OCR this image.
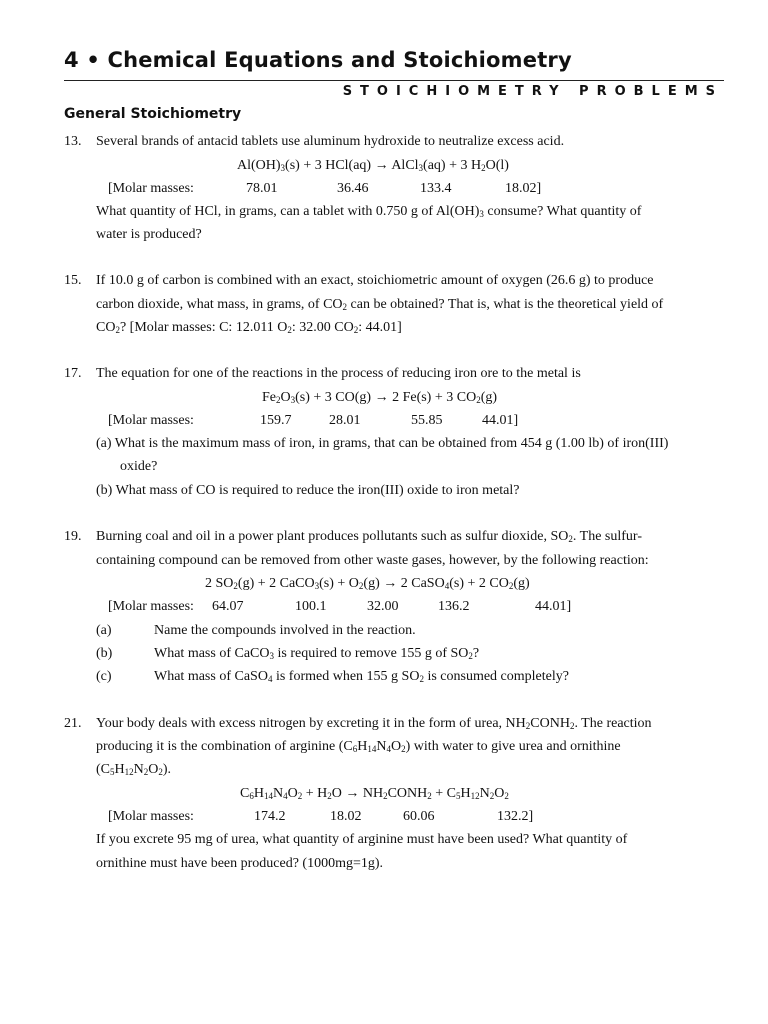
4 • Chemical Equations and Stoichiometry
STOICHIOMETRY PROBLEMS
General Stoichiometry
13. Several brands of antacid tablets use aluminum hydroxide to neutralize excess acid.
$Al(OH)_3(s) + 3$ HCl(aq) → AlCl$_3$(aq) + 3 $H_2O(l)$
[Molar masses:	78.01	36.46	133.4	18.02]
What quantity of HCl, in grams, can a tablet with 0.750 g of $Al(OH)_3$ consume? What quantity of
water is produced?
15. If 10.0 g of carbon is combined with an exact, stoichiometric amount of oxygen (26.6 g) to produce
carbon dioxide, what mass, in grams, of $CO_2$ can be obtained? That is, what is the theoretical yield of
$CO_2$? [Molar masses: C: 12.011 $O_2$: 32.00 $CO_2$: 44.01]
17. The equation for one of the reactions in the process of reducing iron ore to the metal is
$Fe_2O_3(s) + 3$ CO(g) → 2 Fe(s) + 3 $CO_2(g)$
[Molar masses:	159.7	28.01	55.85	44.01]
(a) What is the maximum mass of iron, in grams, that can be obtained from 454 g (1.00 lb) of iron(III)
oxide?
(b) What mass of CO is required to reduce the iron(III) oxide to iron metal?
19. Burning coal and oil in a power plant produces pollutants such as sulfur dioxide, $SO_2$. The sulfur-
containing compound can be removed from other waste gases, however, by the following reaction:
2 $SO_2(g) + 2$ CaCO$_3$(s) + $O_2(g) \to 2$ CaSO$_4$(s) + 2 $CO_2(g)$
[Molar masses: 64.07	100.1	32.00	136.2	44.01]
(a)	Name the compounds involved in the reaction.
(b)	What mass of CaCO$_3$ is required to remove 155 g of $SO_2$?
(c)	What mass of CaSO$_4$ is formed when 155 g $SO_2$ is consumed completely?
21. Your body deals with excess nitrogen by excreting it in the form of urea, $NH_2CONH_2$. The reaction
producing it is the combination of arginine $(C_6H_{14}N_4O_2)$ with water to give urea and ornithine
$(C_5H_{12}N_2O_2)$.
$C_6H_{14}N_4O_2 + H_2O$ → $NH_2CONH_2 + C_5H_{12}N_2O_2$
[Molar masses:	174.2	18.02	60.06	132.2]
If you excrete 95 mg of urea, what quantity of arginine must have been used? What quantity of
ornithine must have been produced? (1000mg=1g).
